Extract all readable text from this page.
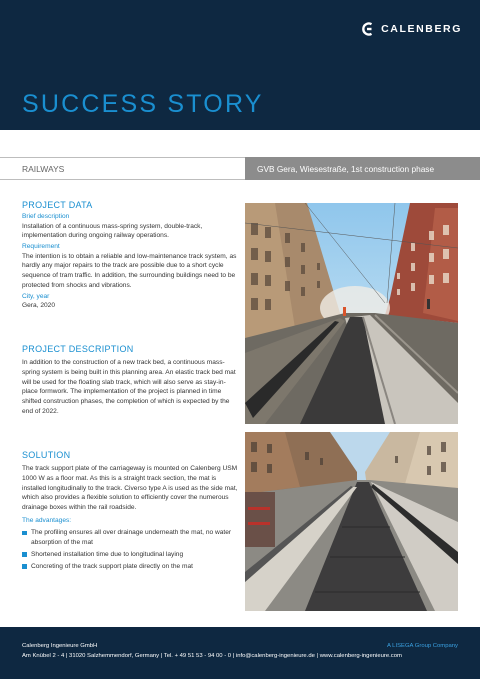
CALENBERG
SUCCESS STORY
RAILWAYS	GVB Gera, Wiesestraße, 1st construction phase
PROJECT DATA
Brief description
Installation of a continuous mass-spring system, double-track, implementation during ongoing railway operations.
Requirement
The intention is to obtain a reliable and low-maintenance track system, as hardly any major repairs to the track are possible due to a short cycle sequence of tram traffic. In addition, the surrounding buildings need to be protected from shocks and vibrations.
City, year
Gera, 2020
PROJECT DESCRIPTION
In addition to the construction of a new track bed, a continuous mass-spring system is being built in this planning area. An elastic track bed mat will be used for the floating slab track, which will also serve as stay-in-place formwork. The implementation of the project is planned in time shifted construction phases, the completion of which is expected by the end of 2022.
SOLUTION
The track support plate of the carriageway is mounted on Calenberg USM 1000 W as a floor mat. As this is a straight track section, the mat is installed longitudinally to the track. Civerso type A is used as the side mat, which also provides a flexible solution to efficiently cover the numerous drainage boxes within the rail roadside.
The advantages:
The profiling ensures all over drainage underneath the mat, no water absorption of the mat
Shortened installation time due to longitudinal laying
Concreting of the track support plate directly on the mat
Calenberg Ingenieure GmbH	A LISEGA Group Company
Am Knübel 2 - 4 | 31020 Salzhemmendorf, Germany | Tel. + 49 51 53 - 94 00 - 0 | info@calenberg-ingenieure.de | www.calenberg-ingenieure.com
